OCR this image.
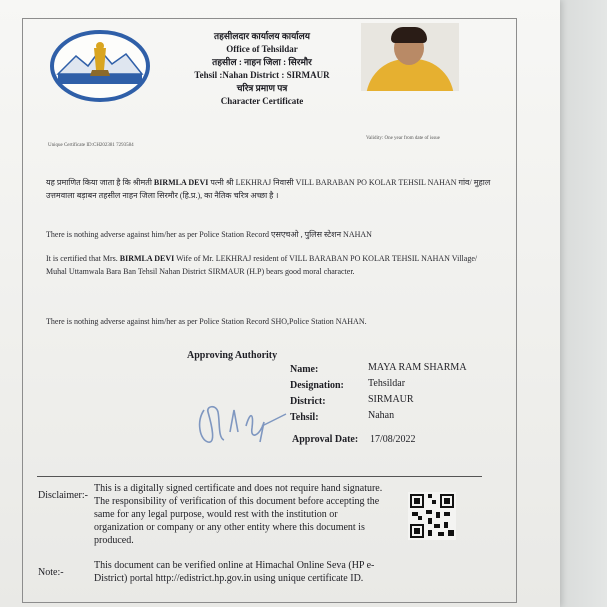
तहसीलदार कार्यालय कार्यालय
Office of Tehsildar
तहसील : नाहन जिला : सिरमौर
Tehsil :Nahan District : SIRMAUR
चरित्र प्रमाण पत्र
Character Certificate
Unique Certificate ID:CH202381 7293584
Validity: One year from date of issue
यह प्रमाणित किया जाता है कि श्रीमती BIRMLA DEVI पत्नी श्री LEKHRAJ निवासी VILL BARABAN PO KOLAR TEHSIL NAHAN गांव/ मुहाल उत्तमवाला बड़ाबन तहसील नाहन जिला सिरमौर (हि.प्र.), का नैतिक चरित्र अच्छा है ।
There is nothing adverse against him/her as per Police Station Record एसएचओ , पुलिस स्टेशन NAHAN
It is certified that Mrs. BIRMLA DEVI Wife of Mr. LEKHRAJ resident of VILL BARABAN PO KOLAR TEHSIL NAHAN Village/ Muhal Uttamwala Bara Ban Tehsil Nahan District SIRMAUR (H.P) bears good moral character.
There is nothing adverse against him/her as per Police Station Record SHO,Police Station NAHAN.
Approving Authority
Name:	MAYA RAM SHARMA
Designation: Tehsildar
District:	SIRMAUR
Tehsil:	Nahan
Approval Date: 17/08/2022
Disclaimer:-
This is a digitally signed certificate and does not require hand signature. The responsibility of verification of this document before accepting the same for any legal purpose, would rest with the institution or organization or company or any other entity where this document is produced.
Note:-
This document can be verified online at Himachal Online Seva (HP e-District) portal http://edistrict.hp.gov.in using unique certificate ID.
